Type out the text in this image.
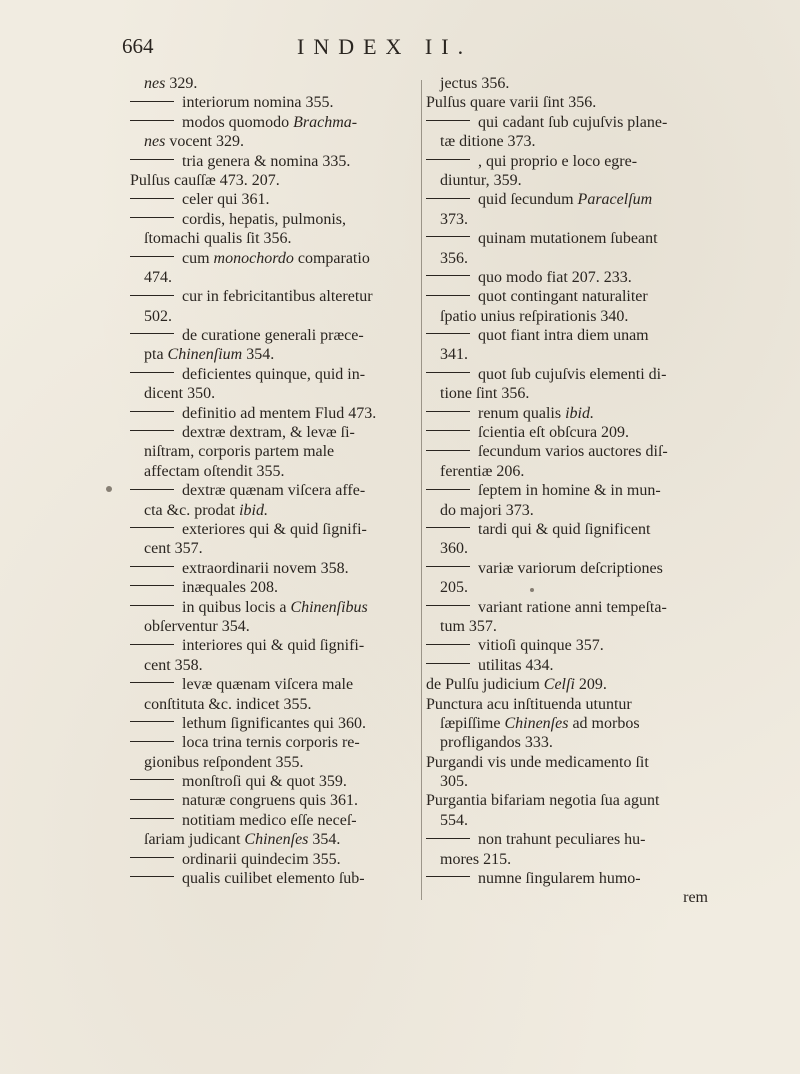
664	INDEX II.
nes 329.
interiorum nomina 355.
modos quomodo Brachma-
nes vocent 329.
tria genera & nomina 335.
Pulſus cauſſæ 473. 207.
celer qui 361.
cordis, hepatis, pulmonis,
ſtomachi qualis ſit 356.
cum monochordo comparatio
474.
cur in febricitantibus alteretur
502.
de curatione generali præce-
pta Chinenſium 354.
deficientes quinque, quid in-
dicent 350.
definitio ad mentem Flud 473.
dextræ dextram, & levæ ſi-
niſtram, corporis partem male
affectam oſtendit 355.
dextræ quænam viſcera affe-
cta &c. prodat ibid.
exteriores qui & quid ſignifi-
cent 357.
extraordinarii novem 358.
inæquales 208.
in quibus locis a Chinenſibus
obſerventur 354.
interiores qui & quid ſignifi-
cent 358.
levæ quænam viſcera male
conſtituta &c. indicet 355.
lethum ſignificantes qui 360.
loca trina ternis corporis re-
gionibus reſpondent 355.
monſtroſi qui & quot 359.
naturæ congruens quis 361.
notitiam medico eſſe neceſ-
ſariam judicant Chinenſes 354.
ordinarii quindecim 355.
qualis cuilibet elemento ſub-
jectus 356.
Pulſus quare varii ſint 356.
qui cadant ſub cujuſvis plane-
tæ ditione 373.
, qui proprio e loco egre-
diuntur, 359.
quid ſecundum Paracelſum
373.
quinam mutationem ſubeant
356.
quo modo fiat 207. 233.
quot contingant naturaliter
ſpatio unius reſpirationis 340.
quot fiant intra diem unam
341.
quot ſub cujuſvis elementi di-
tione ſint 356.
renum qualis ibid.
ſcientia eſt obſcura 209.
ſecundum varios auctores diſ-
ferentiæ 206.
ſeptem in homine & in mun-
do majori 373.
tardi qui & quid ſignificent
360.
variæ variorum deſcriptiones
205.
variant ratione anni tempeſta-
tum 357.
vitioſi quinque 357.
utilitas 434.
de Pulſu judicium Celſi 209.
Punctura acu inſtituenda utuntur
ſæpiſſime Chinenſes ad morbos
profligandos 333.
Purgandi vis unde medicamento ſit
305.
Purgantia bifariam negotia ſua agunt
554.
non trahunt peculiares hu-
mores 215.
numne ſingularem humo-
rem
